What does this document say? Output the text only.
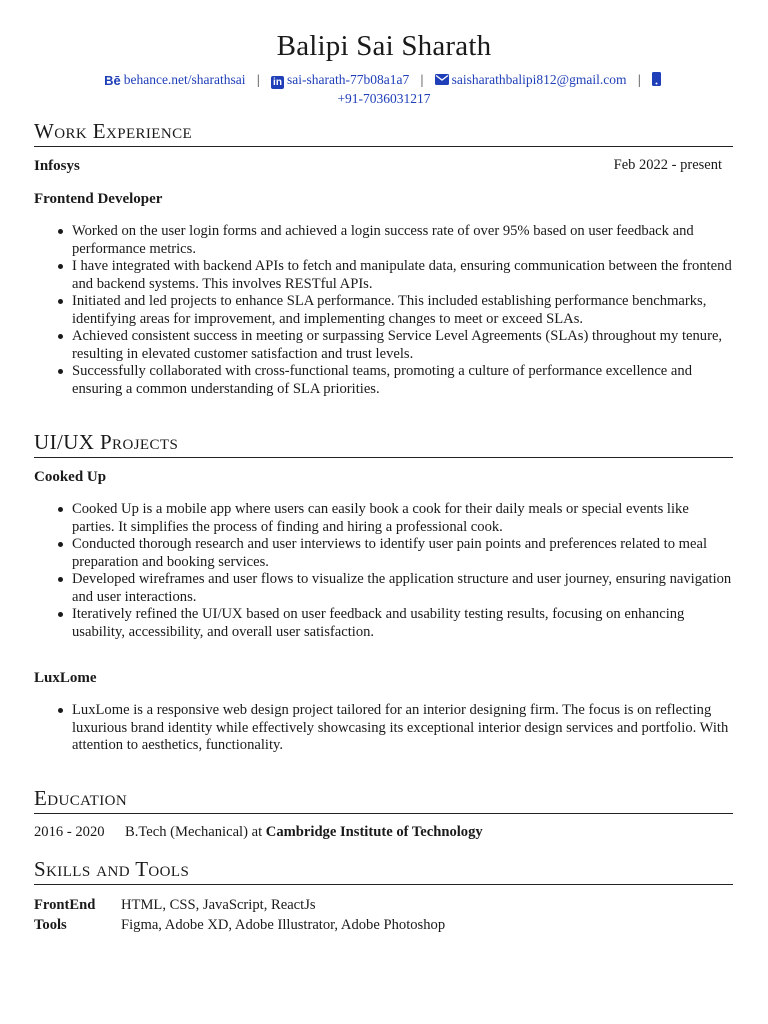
Balipi Sai Sharath
Bē behance.net/sharathsai | in sai-sharath-77b08a1a7 | saisharathbalipi812@gmail.com |
+91-7036031217
Work Experience
Infosys	Feb 2022 - present
Frontend Developer
Worked on the user login forms and achieved a login success rate of over 95% based on user feedback and performance metrics.
I have integrated with backend APIs to fetch and manipulate data, ensuring communication between the frontend and backend systems. This involves RESTful APIs.
Initiated and led projects to enhance SLA performance. This included establishing performance benchmarks, identifying areas for improvement, and implementing changes to meet or exceed SLAs.
Achieved consistent success in meeting or surpassing Service Level Agreements (SLAs) throughout my tenure, resulting in elevated customer satisfaction and trust levels.
Successfully collaborated with cross-functional teams, promoting a culture of performance excellence and ensuring a common understanding of SLA priorities.
UI/UX Projects
Cooked Up
Cooked Up is a mobile app where users can easily book a cook for their daily meals or special events like parties. It simplifies the process of finding and hiring a professional cook.
Conducted thorough research and user interviews to identify user pain points and preferences related to meal preparation and booking services.
Developed wireframes and user flows to visualize the application structure and user journey, ensuring navigation and user interactions.
Iteratively refined the UI/UX based on user feedback and usability testing results, focusing on enhancing usability, accessibility, and overall user satisfaction.
LuxLome
LuxLome is a responsive web design project tailored for an interior designing firm. The focus is on reflecting luxurious brand identity while effectively showcasing its exceptional interior design services and portfolio. With attention to aesthetics, functionality.
Education
2016 - 2020 B.Tech (Mechanical) at Cambridge Institute of Technology
Skills and Tools
FrontEnd	HTML, CSS, JavaScript, ReactJs
Tools	Figma, Adobe XD, Adobe Illustrator, Adobe Photoshop
